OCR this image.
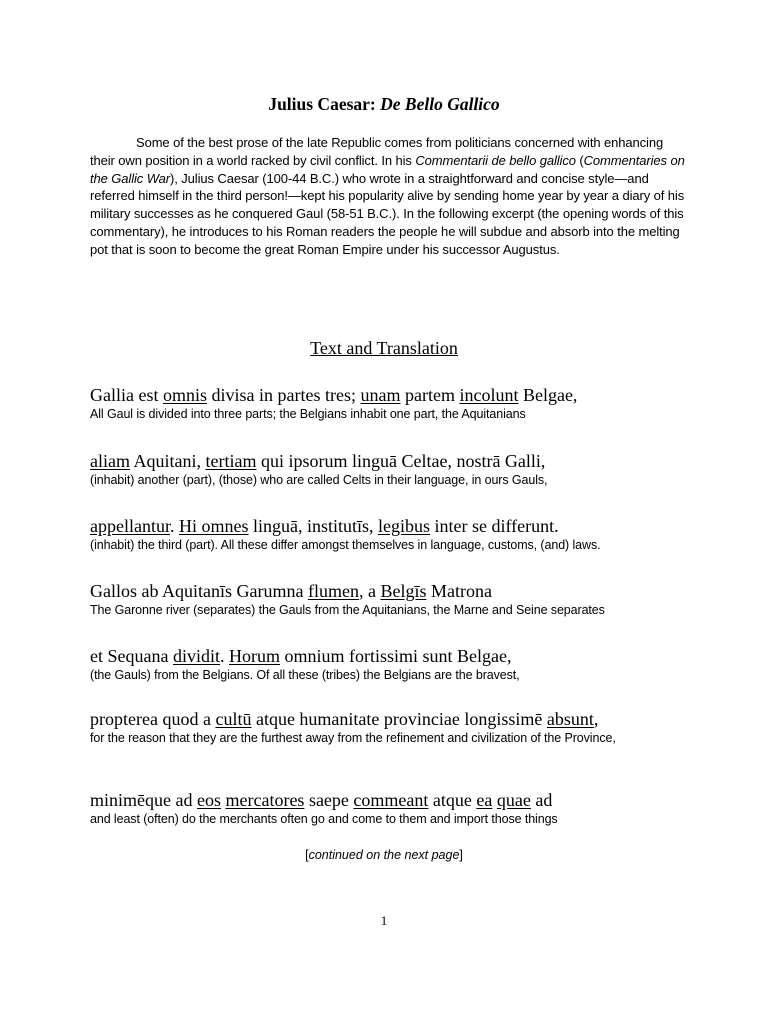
Julius Caesar: De Bello Gallico
Some of the best prose of the late Republic comes from politicians concerned with enhancing their own position in a world racked by civil conflict. In his Commentarii de bello gallico (Commentaries on the Gallic War), Julius Caesar (100-44 B.C.) who wrote in a straightforward and concise style—and referred himself in the third person!—kept his popularity alive by sending home year by year a diary of his military successes as he conquered Gaul (58-51 B.C.). In the following excerpt (the opening words of this commentary), he introduces to his Roman readers the people he will subdue and absorb into the melting pot that is soon to become the great Roman Empire under his successor Augustus.
Text and Translation
Gallia est omnis divisa in partes tres; unam partem incolunt Belgae,
All Gaul is divided into three parts; the Belgians inhabit one part, the Aquitanians
aliam Aquitani, tertiam qui ipsorum linguā Celtae, nostrā Galli,
(inhabit) another (part), (those) who are called Celts in their language, in ours Gauls,
appellantur. Hi omnes linguā, institutīs, legibus inter se differunt.
(inhabit) the third (part). All these differ amongst themselves in language, customs, (and) laws.
Gallos ab Aquitanīs Garumna flumen, a Belgīs Matrona
The Garonne river (separates) the Gauls from the Aquitanians, the Marne and Seine separates
et Sequana dividit. Horum omnium fortissimi sunt Belgae,
(the Gauls) from the Belgians. Of all these (tribes) the Belgians are the bravest,
propterea quod a cultū atque humanitate provinciae longissimē absunt,
for the reason that they are the furthest away from the refinement and civilization of the Province,
minimēque ad eos mercatores saepe commeant atque ea quae ad
and least (often) do the merchants often go and come to them and import those things
[continued on the next page]
1
